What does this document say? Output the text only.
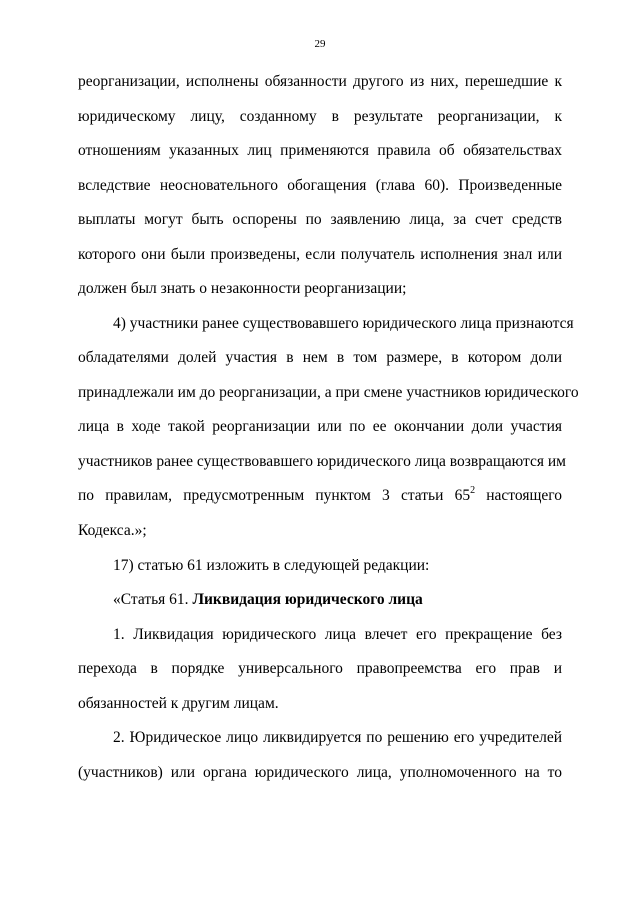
29
реорганизации, исполнены обязанности другого из них, перешедшие к
юридическому лицу, созданному в результате реорганизации, к
отношениям указанных лиц применяются правила об обязательствах
вследствие неосновательного обогащения (глава 60). Произведенные
выплаты могут быть оспорены по заявлению лица, за счет средств
которого они были произведены, если получатель исполнения знал или
должен был знать о незаконности реорганизации;
4) участники ранее существовавшего юридического лица признаются
обладателями долей участия в нем в том размере, в котором доли
принадлежали им до реорганизации, а при смене участников юридического
лица в ходе такой реорганизации или по ее окончании доли участия
участников ранее существовавшего юридического лица возвращаются им
по правилам, предусмотренным пунктом 3 статьи $65^2$ настоящего
Кодекса.»;
17) статью 61 изложить в следующей редакции:
«Статья 61. Ликвидация юридического лица
1. Ликвидация юридического лица влечет его прекращение без
перехода в порядке универсального правопреемства его прав и
обязанностей к другим лицам.
2. Юридическое лицо ликвидируется по решению его учредителей
(участников) или органа юридического лица, уполномоченного на то
